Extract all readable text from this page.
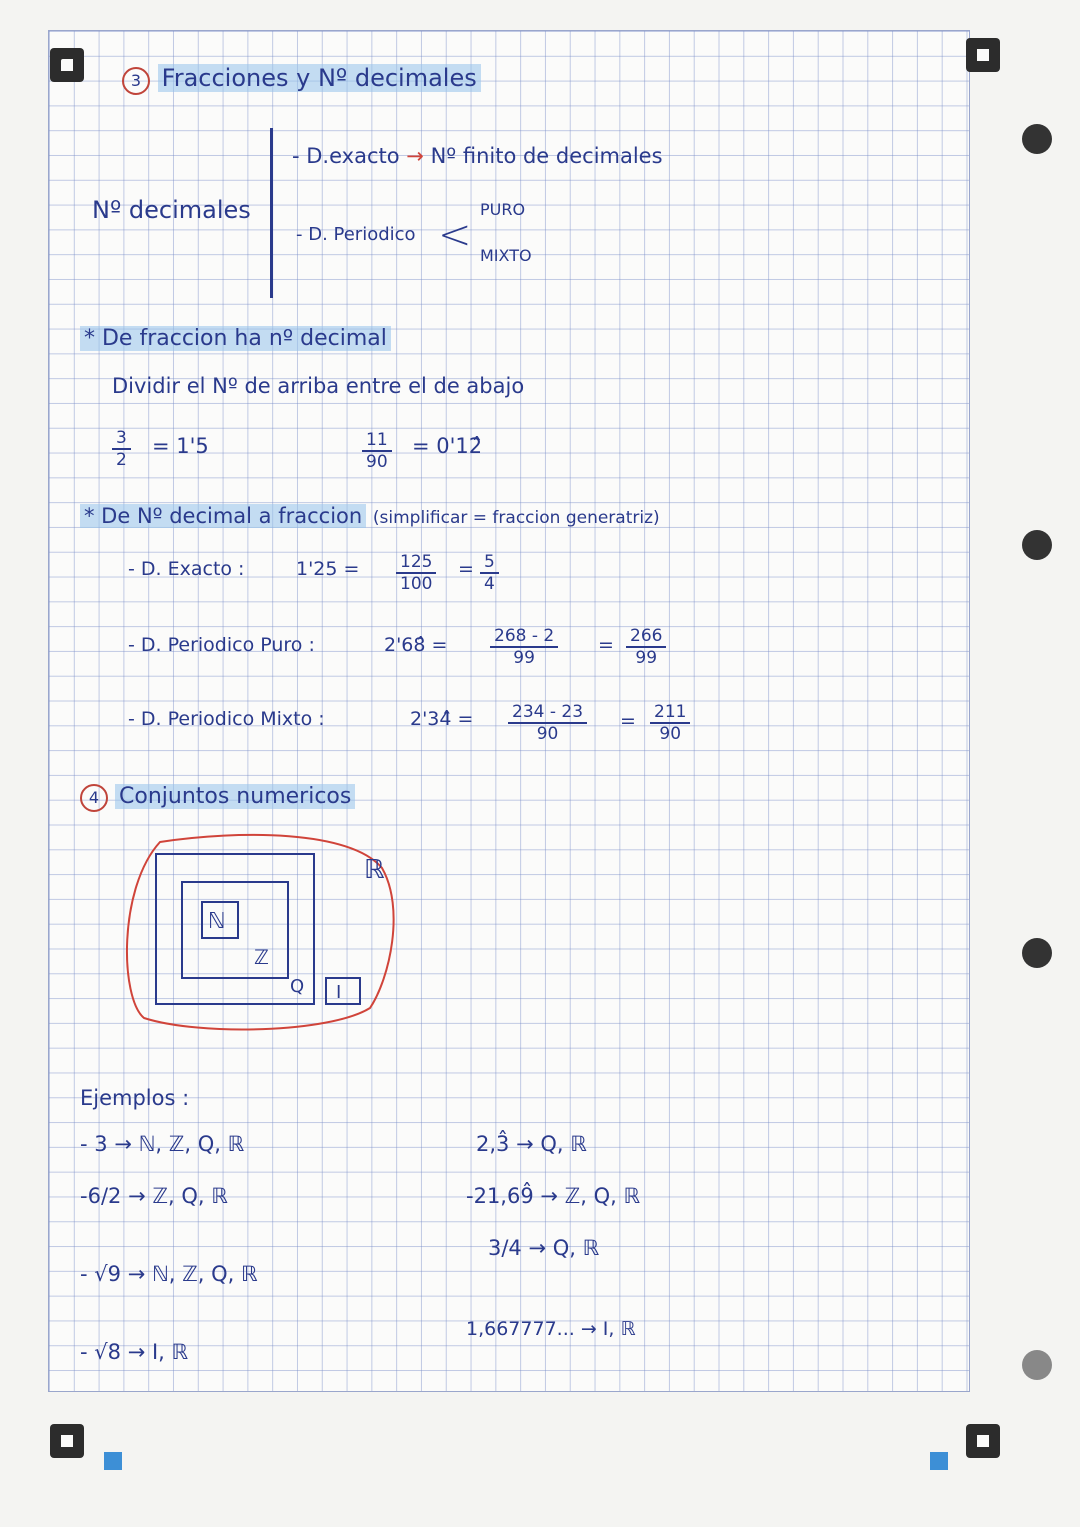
3 Fracciones y Nº decimales
Nº decimales
- D.exacto → Nº finito de decimales
- D. Periodico <
PURO
MIXTO
* De fraccion ha nº decimal
Dividir el Nº de arriba entre el de abajo
$\frac{3}{2} = 1'5$	$\frac{11}{90}$ = 0'12̂
* De Nº decimal a fraccion (simplificar = fraccion generatriz)
- D. Exacto :	$1'25 = \frac{125}{100} = \frac{5}{4}$
- D. Periodico Puro :	2'68̂ =	$\frac{268 - 2}{99} = \frac{266}{99}$
- D. Periodico Mixto :	2'34̂ = $\frac{234 - 23}{90} = \frac{211}{90}$
4 Conjuntos numericos
ℝ
ℕ
ℤ
Q I
Ejemplos :
- 3 → ℕ, ℤ, Q, ℝ
-6/2 → ℤ, Q, ℝ
- √9 → ℕ, ℤ, Q, ℝ
- √8 → I, ℝ
2,3̂ → Q, ℝ
-21,69̂ → ℤ, Q, ℝ
3/4 → Q, ℝ
1,667777... → I, ℝ
